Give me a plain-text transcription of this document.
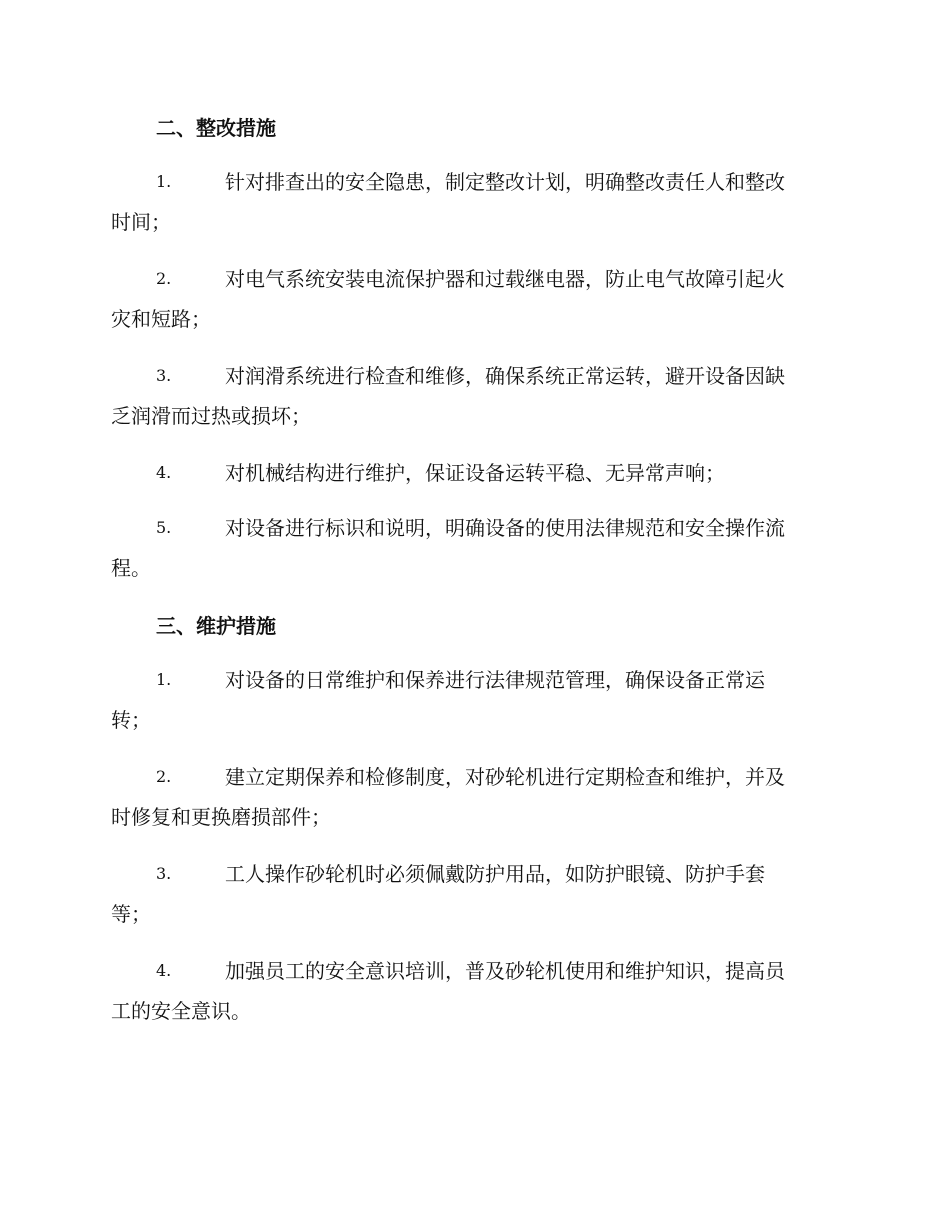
二、整改措施
1.	针对排查出的安全隐患，制定整改计划，明确整改责任人和整改
时间；
2.	对电气系统安装电流保护器和过载继电器，防止电气故障引起火
灾和短路；
3.	对润滑系统进行检查和维修，确保系统正常运转，避开设备因缺
乏润滑而过热或损坏；
4.	对机械结构进行维护，保证设备运转平稳、无异常声响；
5.	对设备进行标识和说明，明确设备的使用法律规范和安全操作流
程。
三、维护措施
1.	对设备的日常维护和保养进行法律规范管理，确保设备正常运
转；
2.	建立定期保养和检修制度，对砂轮机进行定期检查和维护，并及
时修复和更换磨损部件；
3.	工人操作砂轮机时必须佩戴防护用品，如防护眼镜、防护手套
等；
4.	加强员工的安全意识培训，普及砂轮机使用和维护知识，提高员
工的安全意识。
